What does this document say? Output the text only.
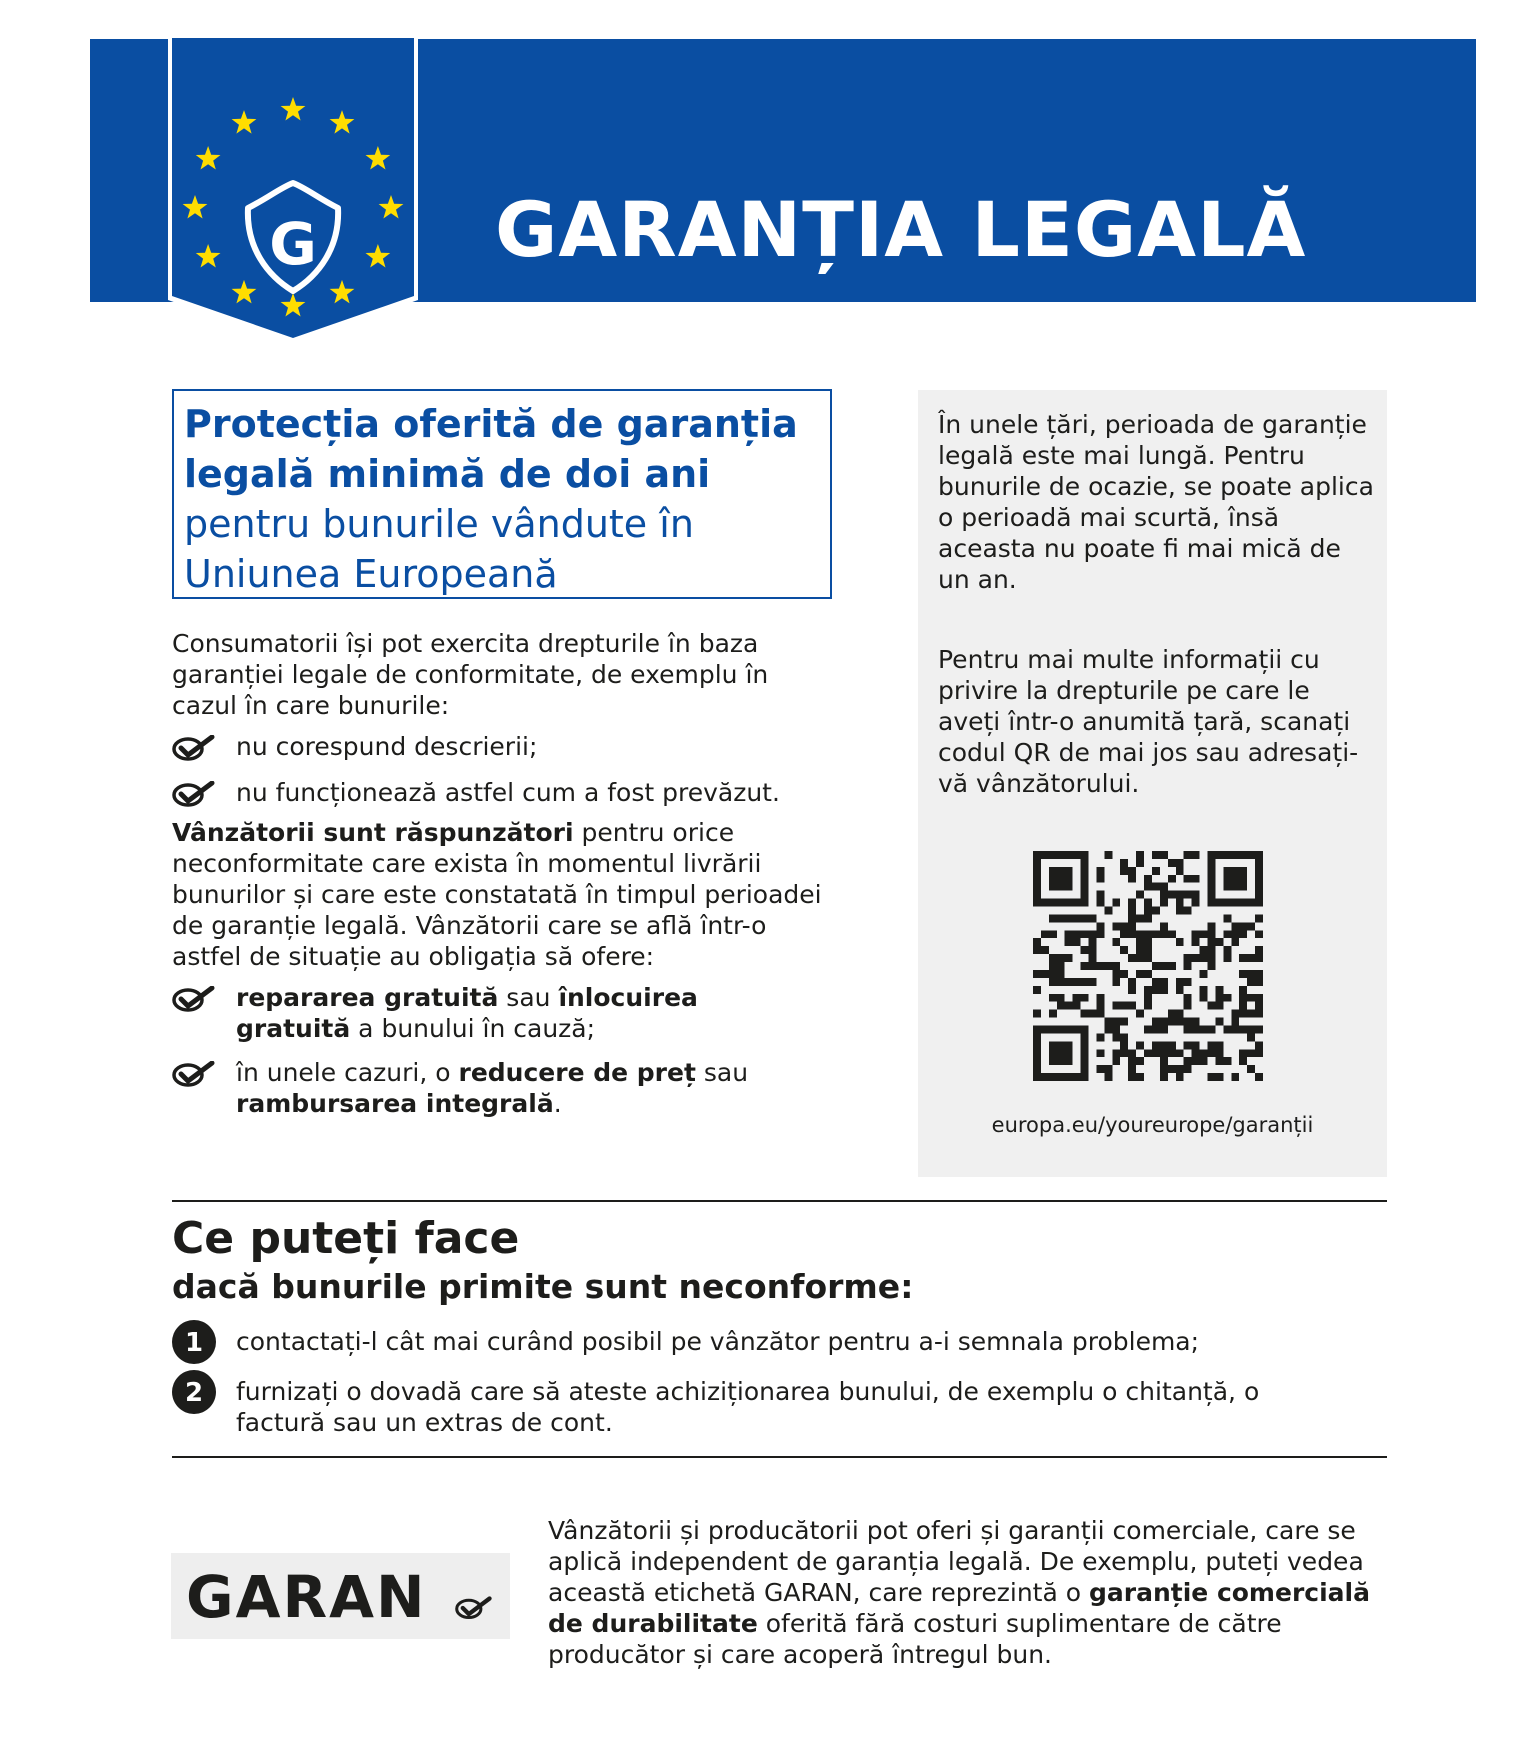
G GARANȚIA LEGALĂ
Protecția oferită de garanția legală minimă de doi ani
pentru bunurile vândute în Uniunea Europeană
Consumatorii își pot exercita drepturile în baza garanției legale de conformitate, de exemplu în cazul în care bunurile:
nu corespund descrierii;
nu funcționează astfel cum a fost prevăzut.
Vânzătorii sunt răspunzători pentru orice neconformitate care exista în momentul livrării bunurilor și care este constatată în timpul perioadei de garanție legală. Vânzătorii care se află într-o astfel de situație au obligația să ofere:
repararea gratuită sau înlocuirea gratuită a bunului în cauză;
în unele cazuri, o reducere de preț sau rambursarea integrală.
În unele țări, perioada de garanție legală este mai lungă. Pentru bunurile de ocazie, se poate aplica o perioadă mai scurtă, însă aceasta nu poate fi mai mică de un an.
Pentru mai multe informații cu privire la drepturile pe care le aveți într-o anumită țară, scanați codul QR de mai jos sau adresați-vă vânzătorului.
europa.eu/youreurope/garanții
Ce puteți face
dacă bunurile primite sunt neconforme:
1 contactați-l cât mai curând posibil pe vânzător pentru a-i semnala problema;
2 furnizați o dovadă care să ateste achiziționarea bunului, de exemplu o chitanță, o factură sau un extras de cont.
GARAN
Vânzătorii și producătorii pot oferi și garanții comerciale, care se aplică independent de garanția legală. De exemplu, puteți vedea această etichetă GARAN, care reprezintă o garanție comercială de durabilitate oferită fără costuri suplimentare de către producător și care acoperă întregul bun.
